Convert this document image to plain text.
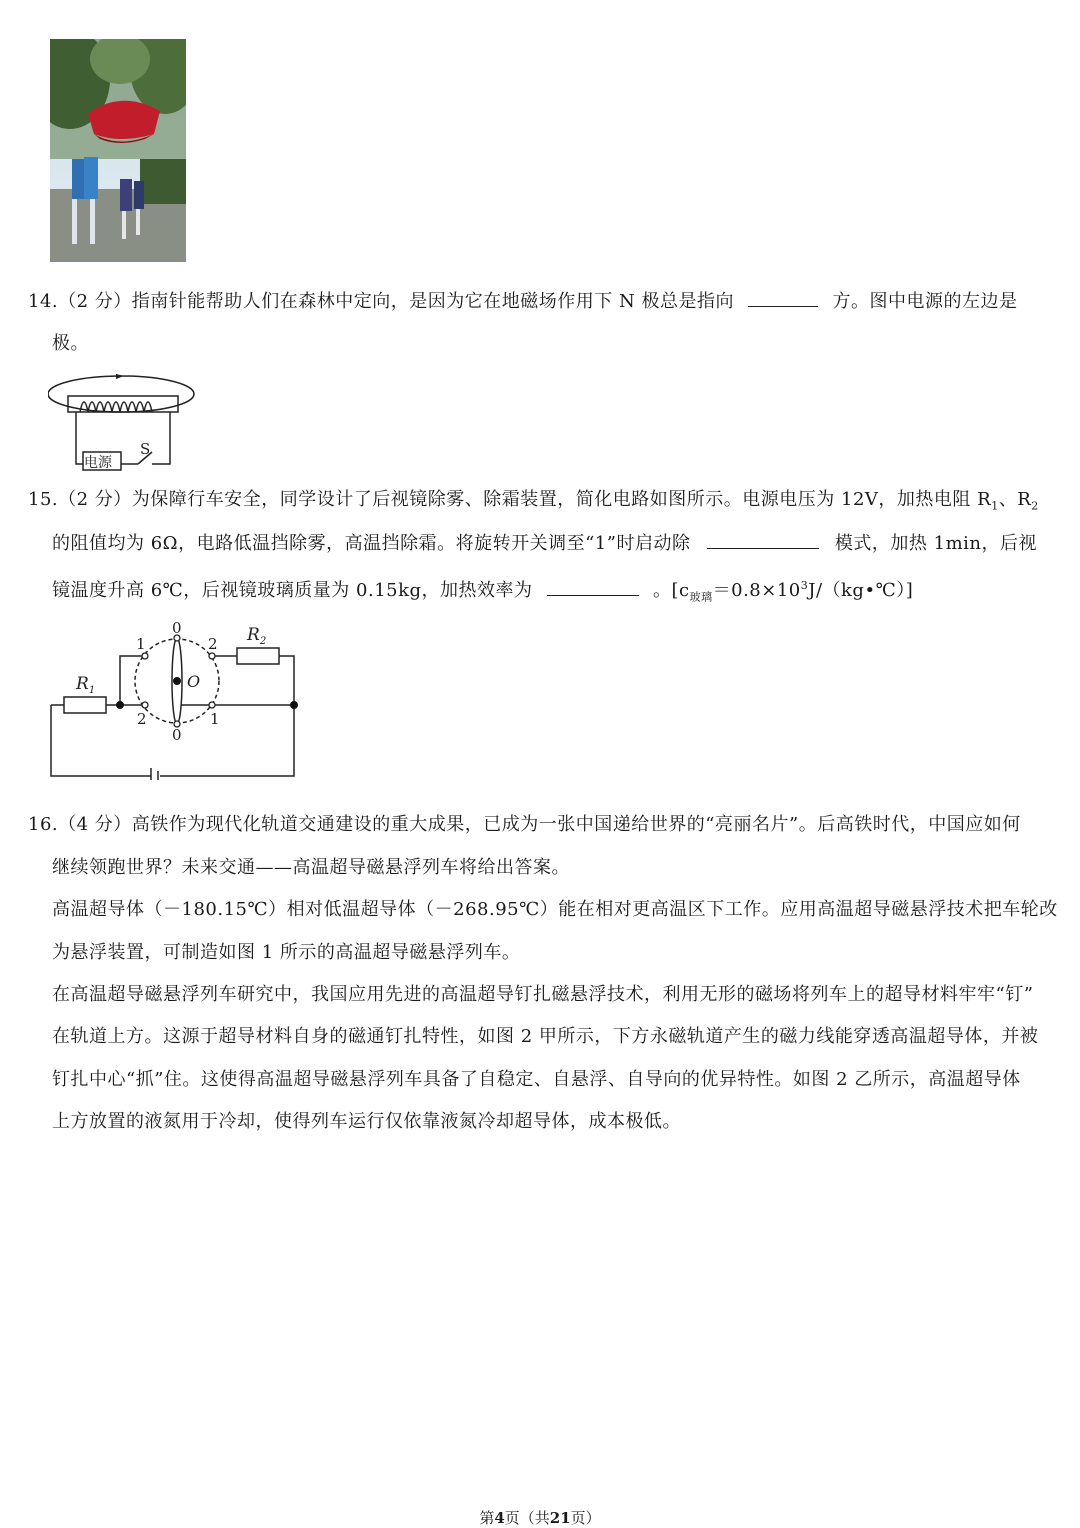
14.（2 分）指南针能帮助人们在森林中定向，是因为它在地磁场作用下 N 极总是指向	方。图中电源的左边是
极。
电源
S
15.（2 分）为保障行车安全，同学设计了后视镜除雾、除霜装置，简化电路如图所示。电源电压为 12V，加热电阻 $R_1$、$R_2$
的阻值均为 6Ω，电路低温挡除雾，高温挡除霜。将旋转开关调至“1”时启动除	模式，加热 1min，后视
镜温度升高 6℃，后视镜玻璃质量为 0.15kg，加热效率为	。$[c_{玻璃}=0.8\times 10^3J/(kg•℃)]$
$R_1$
$R_2$
O
0
0
1	2
2	1
16.（4 分）高铁作为现代化轨道交通建设的重大成果，已成为一张中国递给世界的“亮丽名片”。后高铁时代，中国应如何
继续领跑世界？未来交通——高温超导磁悬浮列车将给出答案。
高温超导体（－180.15℃）相对低温超导体（－268.95℃）能在相对更高温区下工作。应用高温超导磁悬浮技术把车轮改
为悬浮装置，可制造如图 1 所示的高温超导磁悬浮列车。
在高温超导磁悬浮列车研究中，我国应用先进的高温超导钉扎磁悬浮技术，利用无形的磁场将列车上的超导材料牢牢“钉”
在轨道上方。这源于超导材料自身的磁通钉扎特性，如图 2 甲所示，下方永磁轨道产生的磁力线能穿透高温超导体，并被
钉扎中心“抓”住。这使得高温超导磁悬浮列车具备了自稳定、自悬浮、自导向的优异特性。如图 2 乙所示，高温超导体
上方放置的液氮用于冷却，使得列车运行仅依靠液氮冷却超导体，成本极低。
第4页（共21页）
